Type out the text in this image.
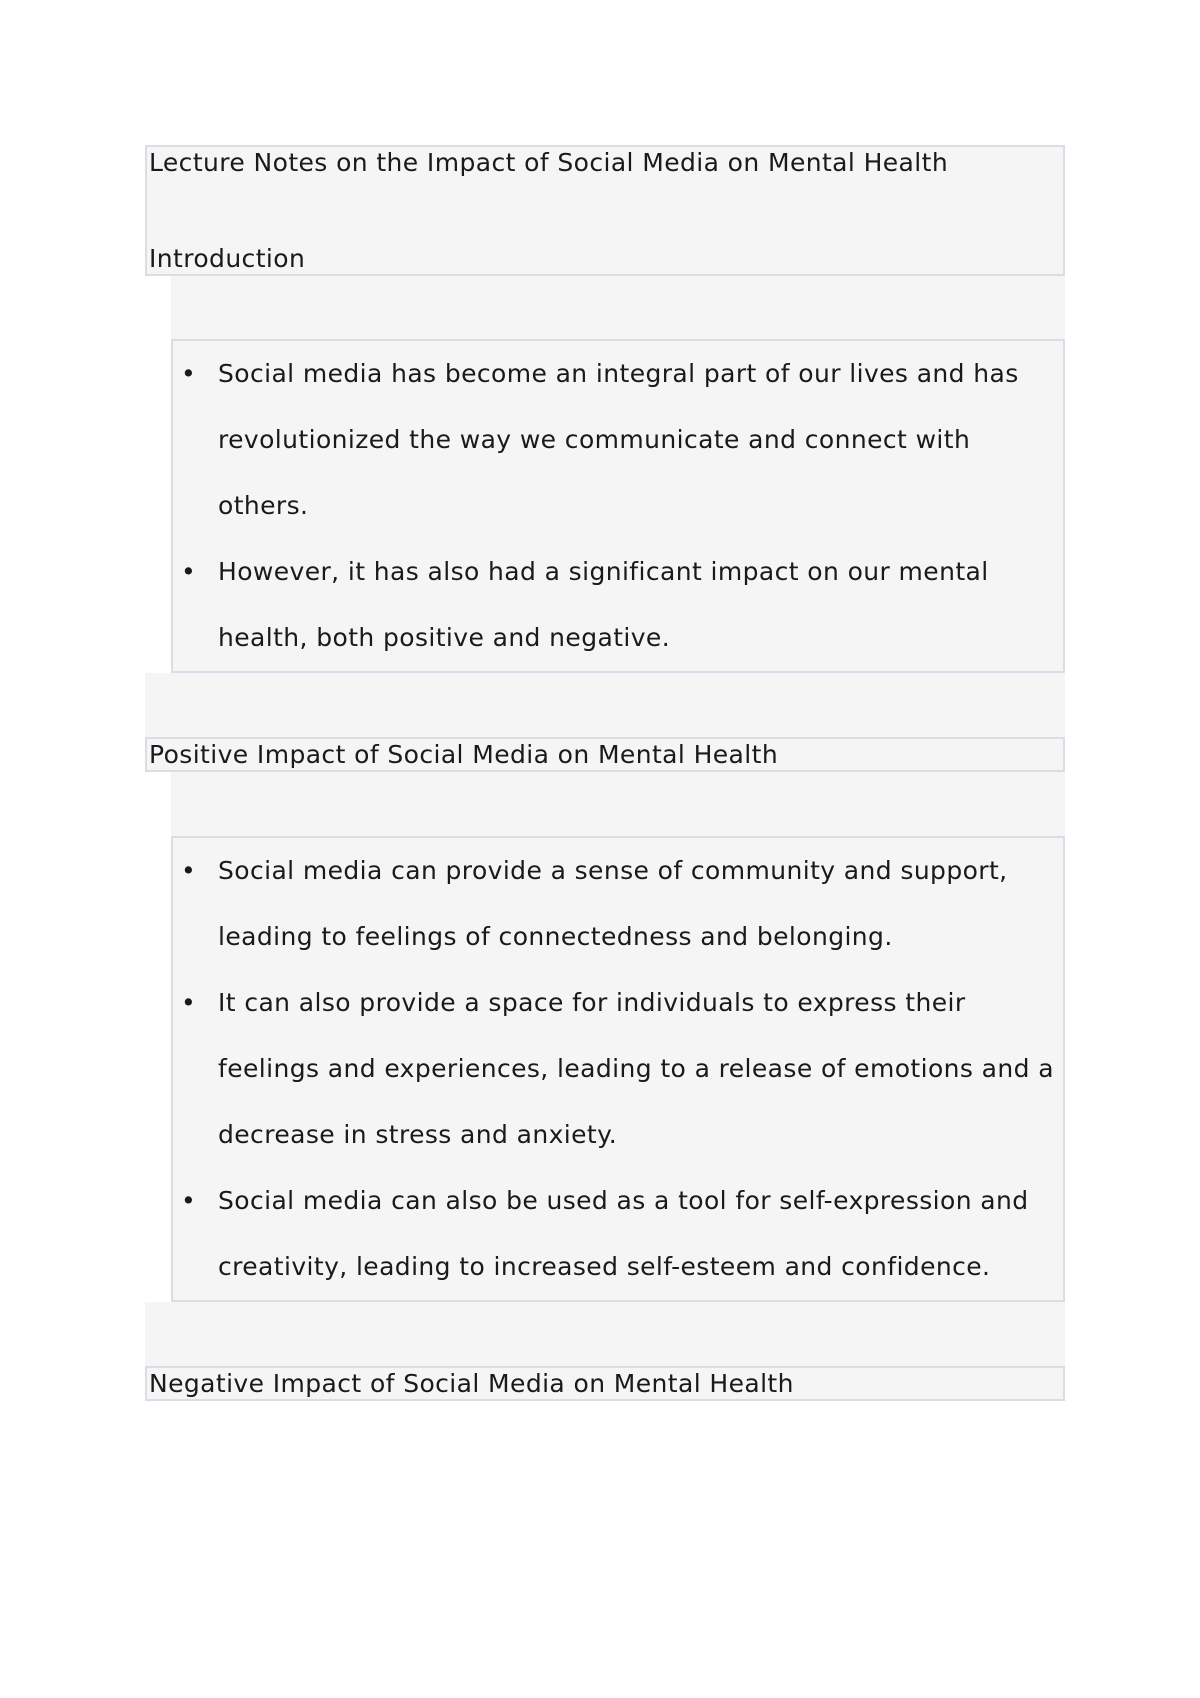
Lecture Notes on the Impact of Social Media on Mental Health
Introduction
• Social media has become an integral part of our lives and has revolutionized the way we communicate and connect with others.
• However, it has also had a significant impact on our mental health, both positive and negative.
Positive Impact of Social Media on Mental Health
• Social media can provide a sense of community and support, leading to feelings of connectedness and belonging.
• It can also provide a space for individuals to express their feelings and experiences, leading to a release of emotions and a decrease in stress and anxiety.
• Social media can also be used as a tool for self-expression and creativity, leading to increased self-esteem and confidence.
Negative Impact of Social Media on Mental Health
